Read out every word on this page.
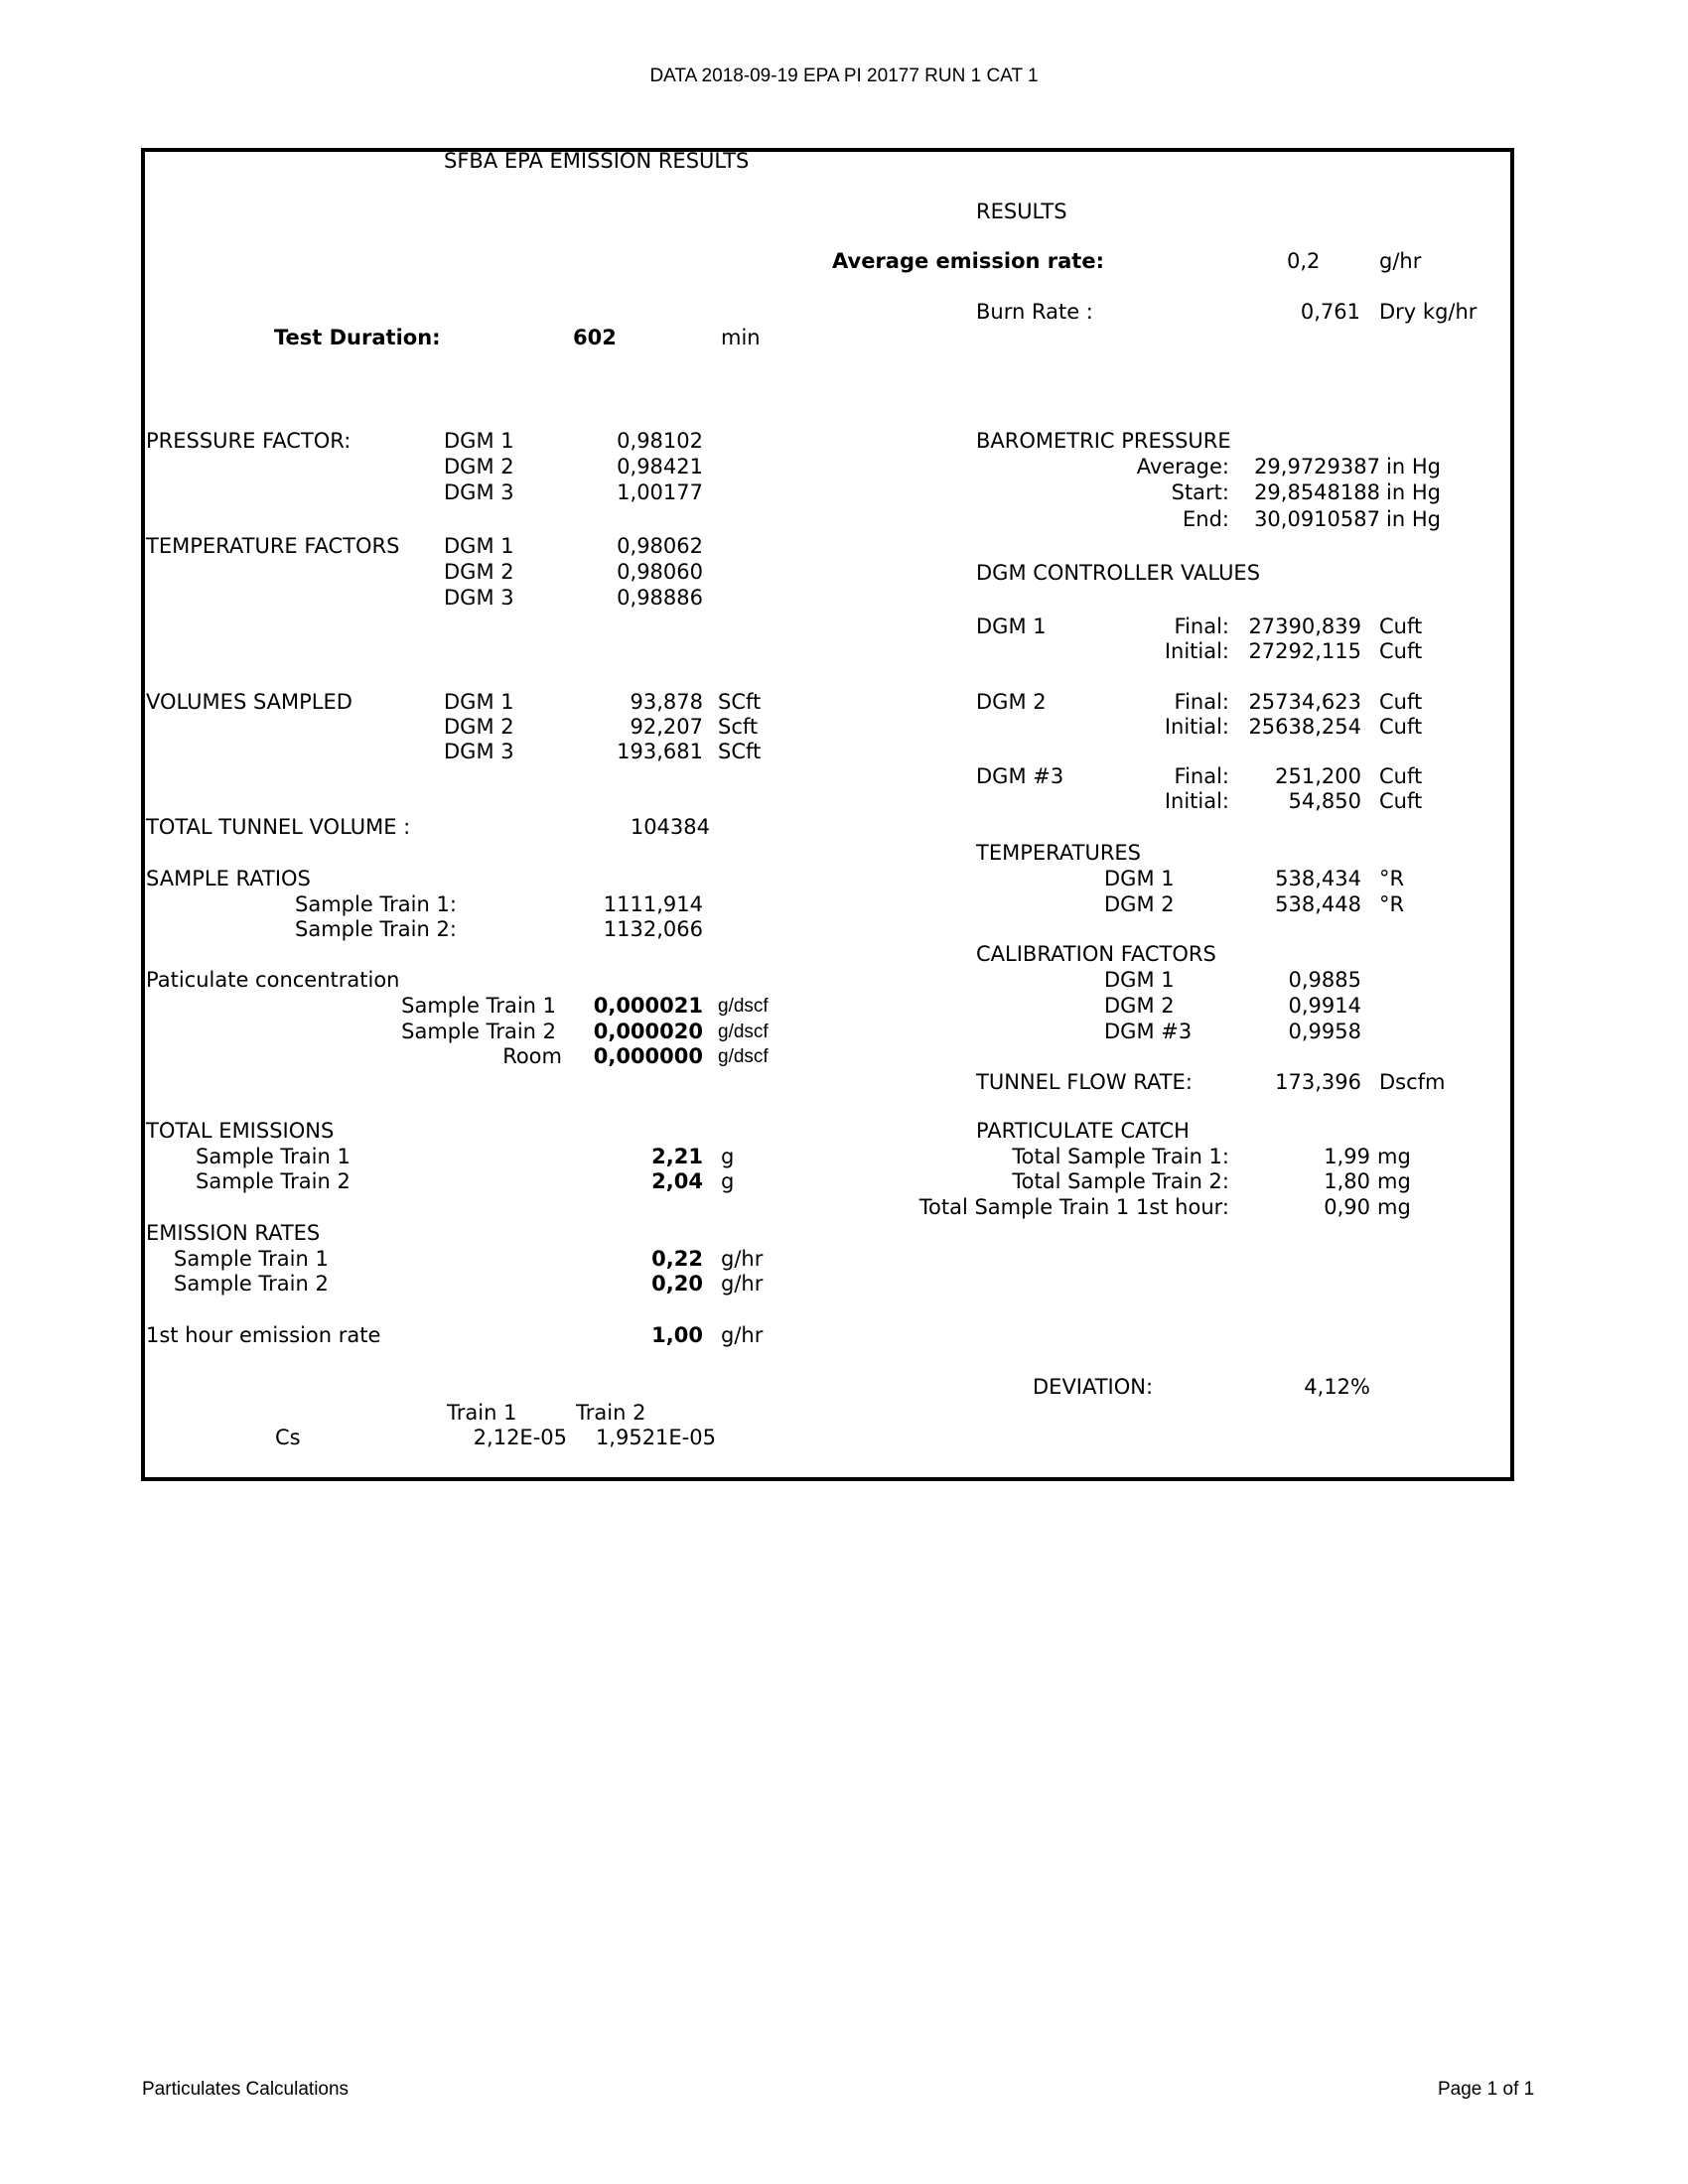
DATA 2018-09-19 EPA PI 20177 RUN 1 CAT 1
Particulates Calculations	Page 1 of 1
SFBA EPA EMISSION RESULTS
RESULTS
Average emission rate:	0,2	g/hr
Burn Rate :	0,761 Dry kg/hr
Test Duration:	602	min
PRESSURE FACTOR:	DGM 1	0,98102
DGM 2	0,98421
DGM 3	1,00177
TEMPERATURE FACTORS DGM 1	0,98062
DGM 2	0,98060
DGM 3	0,98886
VOLUMES SAMPLED	DGM 1	93,878 SCft
DGM 2	92,207 Scft
DGM 3	193,681 SCft
TOTAL TUNNEL VOLUME :	104384
SAMPLE RATIOS
Sample Train 1:	1111,914
Sample Train 2:	1132,066
Paticulate concentration
Sample Train 1	0,000021 g/dscf
Sample Train 2	0,000020 g/dscf
Room	0,000000 g/dscf
TOTAL EMISSIONS
Sample Train 1	2,21 g
Sample Train 2	2,04 g
EMISSION RATES
Sample Train 1	0,22 g/hr
Sample Train 2	0,20 g/hr
1st hour emission rate	1,00 g/hr
Train 1	Train 2
Cs	2,12E-05	1,9521E-05
BAROMETRIC PRESSURE
Average:	29,9729387 in Hg
Start:	29,8548188 in Hg
End:	30,0910587 in Hg
DGM CONTROLLER VALUES
DGM 1	Final: 27390,839 Cuft
Initial: 27292,115 Cuft
DGM 2	Final: 25734,623 Cuft
Initial: 25638,254 Cuft
DGM #3	Final:	251,200 Cuft
Initial:	54,850 Cuft
TEMPERATURES
DGM 1	538,434 °R
DGM 2	538,448 °R
CALIBRATION FACTORS
DGM 1	0,9885
DGM 2	0,9914
DGM #3	0,9958
TUNNEL FLOW RATE:	173,396 Dscfm
PARTICULATE CATCH
Total Sample Train 1:	1,99 mg
Total Sample Train 2:	1,80 mg
Total Sample Train 1 1st hour:	0,90 mg
DEVIATION:	4,12%
